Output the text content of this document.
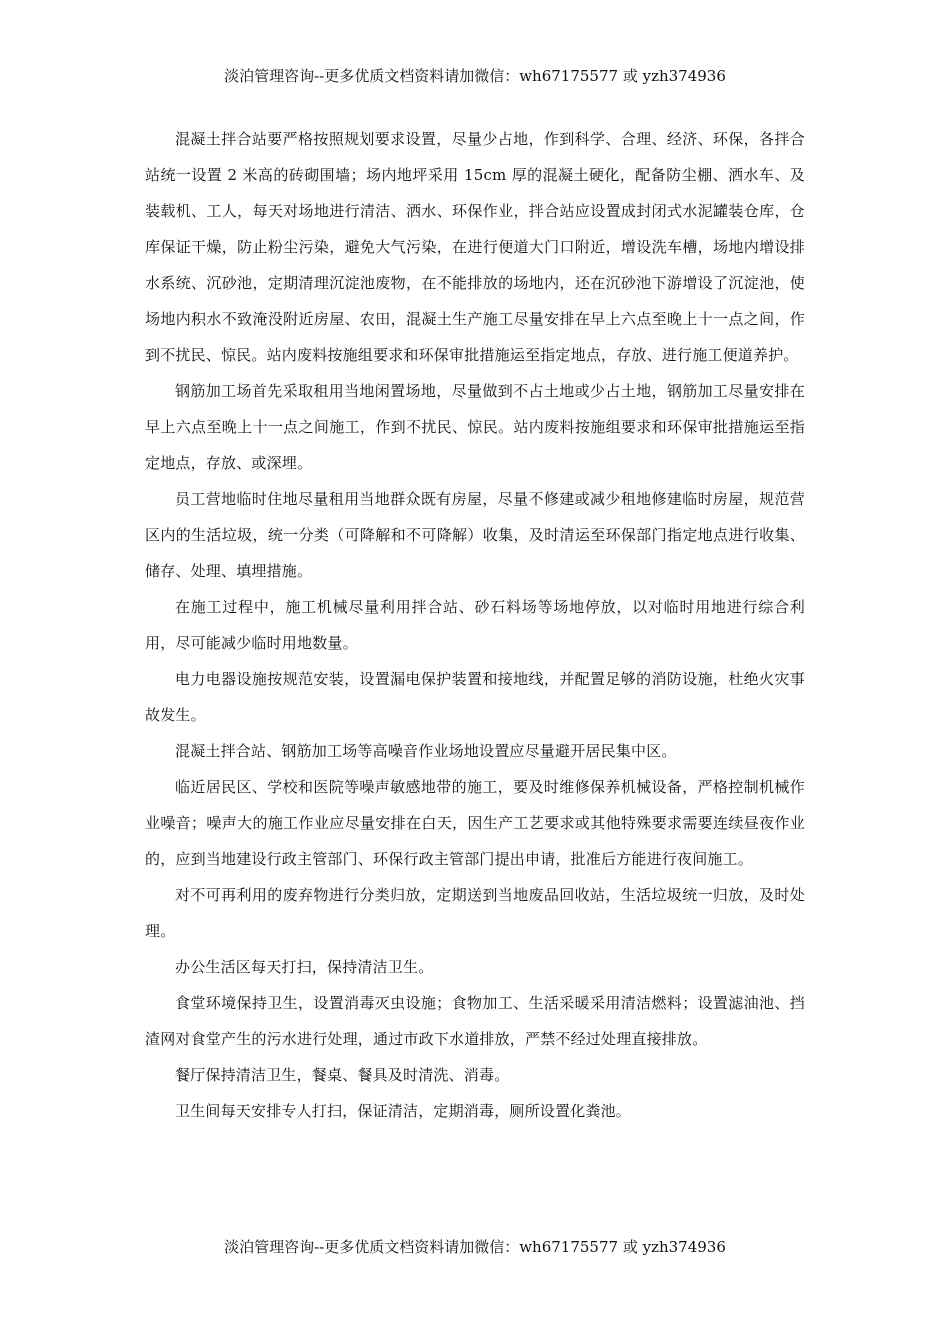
淡泊管理咨询--更多优质文档资料请加微信：wh67175577 或 yzh374936

混凝土拌合站要严格按照规划要求设置，尽量少占地，作到科学、合理、经济、环保，各拌合站统一设置 2 米高的砖砌围墙；场内地坪采用 15cm 厚的混凝土硬化，配备防尘棚、洒水车、及装载机、工人，每天对场地进行清洁、洒水、环保作业，拌合站应设置成封闭式水泥罐装仓库，仓库保证干燥，防止粉尘污染，避免大气污染，在进行便道大门口附近，增设洗车槽，场地内增设排水系统、沉砂池，定期清理沉淀池废物，在不能排放的场地内，还在沉砂池下游增设了沉淀池，使场地内积水不致淹没附近房屋、农田，混凝土生产施工尽量安排在早上六点至晚上十一点之间，作到不扰民、惊民。站内废料按施组要求和环保审批措施运至指定地点，存放、进行施工便道养护。

钢筋加工场首先采取租用当地闲置场地，尽量做到不占土地或少占土地，钢筋加工尽量安排在早上六点至晚上十一点之间施工，作到不扰民、惊民。站内废料按施组要求和环保审批措施运至指定地点，存放、或深埋。

员工营地临时住地尽量租用当地群众既有房屋，尽量不修建或减少租地修建临时房屋，规范营区内的生活垃圾，统一分类（可降解和不可降解）收集，及时清运至环保部门指定地点进行收集、储存、处理、填埋措施。

在施工过程中，施工机械尽量利用拌合站、砂石料场等场地停放，以对临时用地进行综合利用，尽可能减少临时用地数量。

电力电器设施按规范安装，设置漏电保护装置和接地线，并配置足够的消防设施，杜绝火灾事故发生。

混凝土拌合站、钢筋加工场等高噪音作业场地设置应尽量避开居民集中区。

临近居民区、学校和医院等噪声敏感地带的施工，要及时维修保养机械设备，严格控制机械作业噪音；噪声大的施工作业应尽量安排在白天，因生产工艺要求或其他特殊要求需要连续昼夜作业的，应到当地建设行政主管部门、环保行政主管部门提出申请，批准后方能进行夜间施工。

对不可再利用的废弃物进行分类归放，定期送到当地废品回收站，生活垃圾统一归放，及时处理。

办公生活区每天打扫，保持清洁卫生。

食堂环境保持卫生，设置消毒灭虫设施；食物加工、生活采暖采用清洁燃料；设置滤油池、挡渣网对食堂产生的污水进行处理，通过市政下水道排放，严禁不经过处理直接排放。

餐厅保持清洁卫生，餐桌、餐具及时清洗、消毒。

卫生间每天安排专人打扫，保证清洁，定期消毒，厕所设置化粪池。

淡泊管理咨询--更多优质文档资料请加微信：wh67175577 或 yzh374936
